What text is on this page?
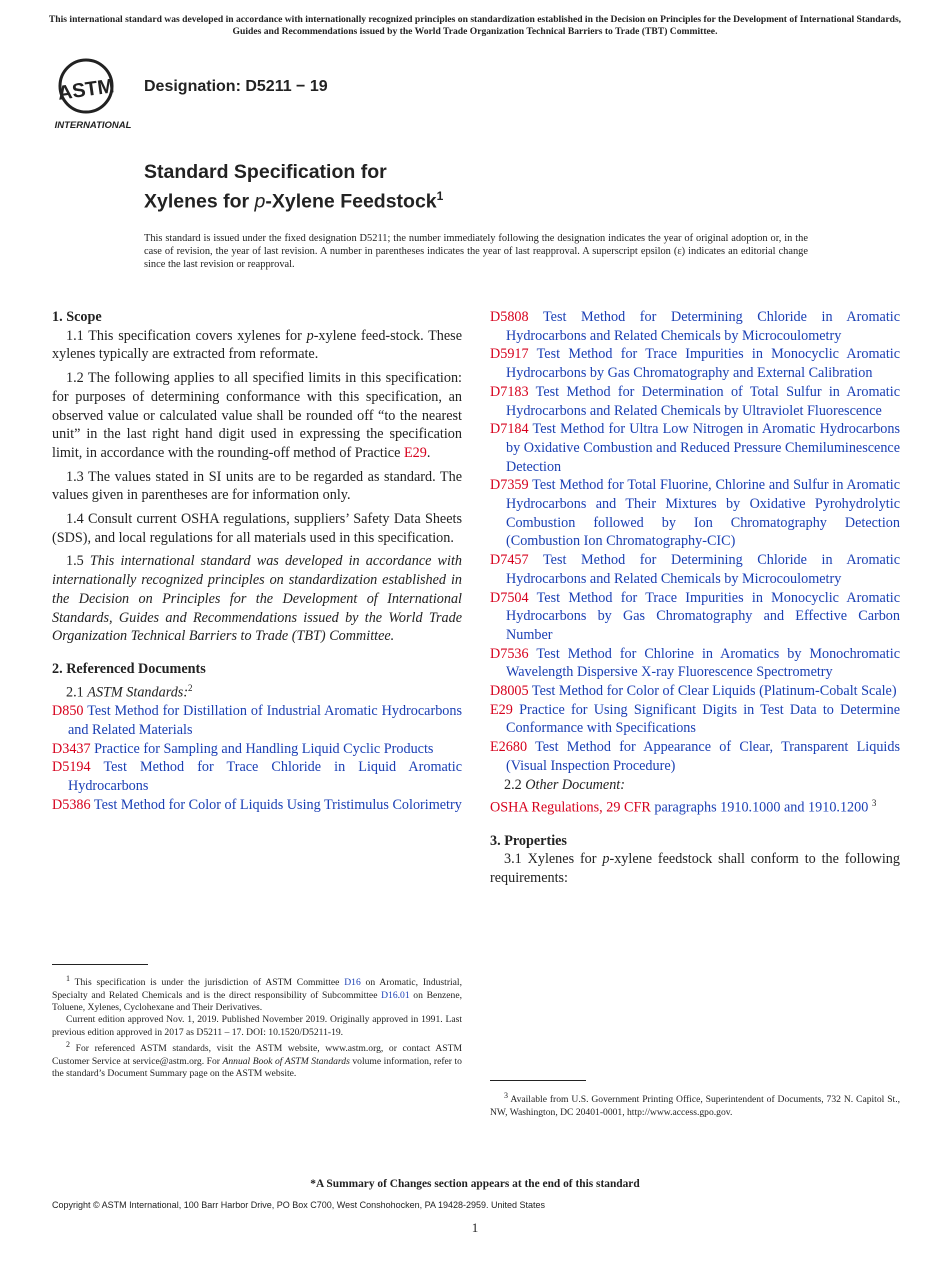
This international standard was developed in accordance with internationally recognized principles on standardization established in the Decision on Principles for the Development of International Standards, Guides and Recommendations issued by the World Trade Organization Technical Barriers to Trade (TBT) Committee.
ASTM
INTERNATIONAL
Designation: D5211 − 19
Standard Specification for
Xylenes for p-Xylene Feedstock$^1$
This standard is issued under the fixed designation D5211; the number immediately following the designation indicates the year of original adoption or, in the case of revision, the year of last revision. A number in parentheses indicates the year of last reapproval. A superscript epsilon (ε) indicates an editorial change since the last revision or reapproval.

1. Scope

1.1 This specification covers xylenes for p-xylene feed-stock. These xylenes typically are extracted from reformate.

1.2 The following applies to all specified limits in this specification: for purposes of determining conformance with this specification, an observed value or calculated value shall be rounded off “to the nearest unit” in the last right hand digit used in expressing the specification limit, in accordance with the rounding-off method of Practice E29.

1.3 The values stated in SI units are to be regarded as standard. The values given in parentheses are for information only.

1.4 Consult current OSHA regulations, suppliers’ Safety Data Sheets (SDS), and local regulations for all materials used in this specification.

1.5 This international standard was developed in accordance with internationally recognized principles on standardization established in the Decision on Principles for the Development of International Standards, Guides and Recommendations issued by the World Trade Organization Technical Barriers to Trade (TBT) Committee.

2. Referenced Documents

2.1 ASTM Standards:$^2$

D850 Test Method for Distillation of Industrial Aromatic Hydrocarbons and Related Materials

D3437 Practice for Sampling and Handling Liquid Cyclic Products

D5194 Test Method for Trace Chloride in Liquid Aromatic Hydrocarbons

D5386 Test Method for Color of Liquids Using Tristimulus Colorimetry

D5808 Test Method for Determining Chloride in Aromatic Hydrocarbons and Related Chemicals by Microcoulometry

D5917 Test Method for Trace Impurities in Monocyclic Aromatic Hydrocarbons by Gas Chromatography and External Calibration

D7183 Test Method for Determination of Total Sulfur in Aromatic Hydrocarbons and Related Chemicals by Ultraviolet Fluorescence

D7184 Test Method for Ultra Low Nitrogen in Aromatic Hydrocarbons by Oxidative Combustion and Reduced Pressure Chemiluminescence Detection

D7359 Test Method for Total Fluorine, Chlorine and Sulfur in Aromatic Hydrocarbons and Their Mixtures by Oxidative Pyrohydrolytic Combustion followed by Ion Chromatography Detection (Combustion Ion Chromatography-CIC)

D7457 Test Method for Determining Chloride in Aromatic Hydrocarbons and Related Chemicals by Microcoulometry

D7504 Test Method for Trace Impurities in Monocyclic Aromatic Hydrocarbons by Gas Chromatography and Effective Carbon Number

D7536 Test Method for Chlorine in Aromatics by Monochromatic Wavelength Dispersive X-ray Fluorescence Spectrometry

D8005 Test Method for Color of Clear Liquids (Platinum-Cobalt Scale)

E29 Practice for Using Significant Digits in Test Data to Determine Conformance with Specifications

E2680 Test Method for Appearance of Clear, Transparent Liquids (Visual Inspection Procedure)

2.2 Other Document:

OSHA Regulations, 29 CFR paragraphs 1910.1000 and 1910.1200 $^3$

3. Properties

3.1 Xylenes for p-xylene feedstock shall conform to the following requirements:

$^1$ This specification is under the jurisdiction of ASTM Committee D16 on Aromatic, Industrial, Specialty and Related Chemicals and is the direct responsibility of Subcommittee D16.01 on Benzene, Toluene, Xylenes, Cyclohexane and Their Derivatives.

Current edition approved Nov. 1, 2019. Published November 2019. Originally approved in 1991. Last previous edition approved in 2017 as D5211 – 17. DOI: 10.1520/D5211-19.

$^2$ For referenced ASTM standards, visit the ASTM website, www.astm.org, or contact ASTM Customer Service at service@astm.org. For Annual Book of ASTM Standards volume information, refer to the standard’s Document Summary page on the ASTM website.

$^3$ Available from U.S. Government Printing Office, Superintendent of Documents, 732 N. Capitol St., NW, Washington, DC 20401-0001, http://www.access.gpo.gov.

*A Summary of Changes section appears at the end of this standard
Copyright © ASTM International, 100 Barr Harbor Drive, PO Box C700, West Conshohocken, PA 19428-2959. United States
1
